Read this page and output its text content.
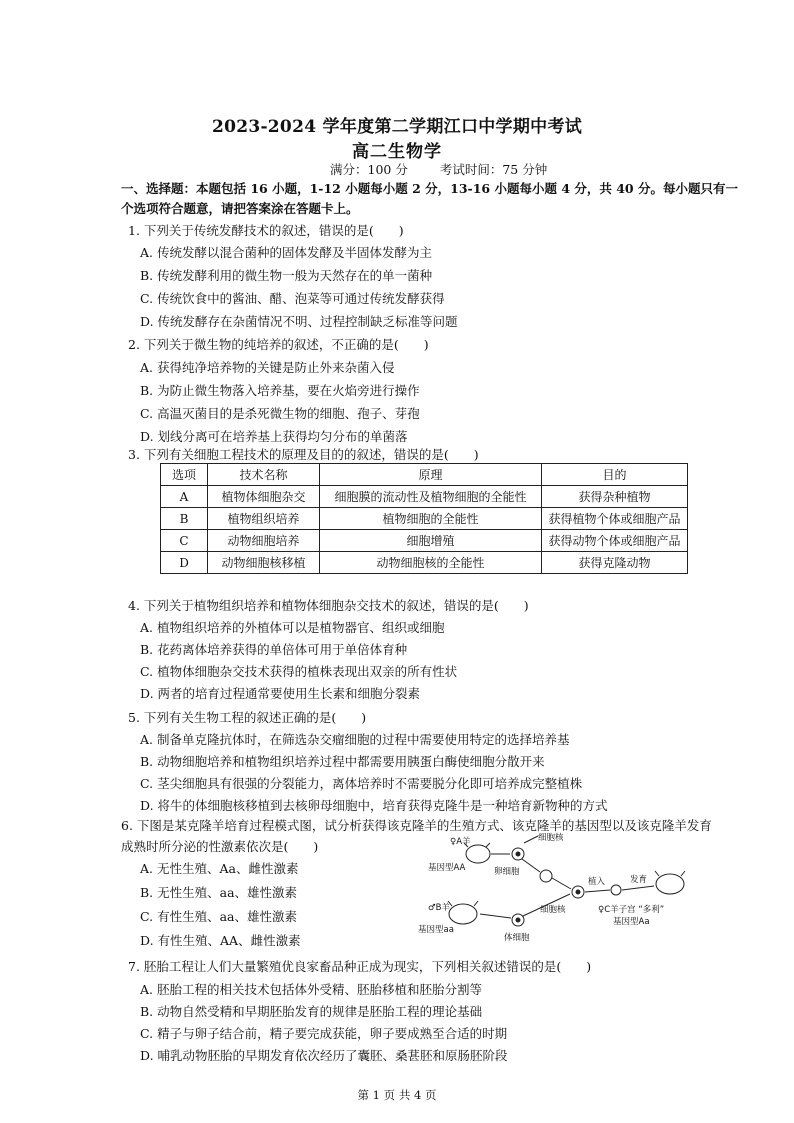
2023-2024 学年度第二学期江口中学期中考试
高二生物学
满分：100 分	考试时间：75 分钟
一、选择题：本题包括 16 小题，1-12 小题每小题 2 分，13-16 小题每小题 4 分，共 40 分。每小题只有一个选项符合题意，请把答案涂在答题卡上。
1. 下列关于传统发酵技术的叙述，错误的是(　　)
A. 传统发酵以混合菌种的固体发酵及半固体发酵为主
B. 传统发酵利用的微生物一般为天然存在的单一菌种
C. 传统饮食中的酱油、醋、泡菜等可通过传统发酵获得
D. 传统发酵存在杂菌情况不明、过程控制缺乏标准等问题
2. 下列关于微生物的纯培养的叙述，不正确的是(　　)
A. 获得纯净培养物的关键是防止外来杂菌入侵
B. 为防止微生物落入培养基，要在火焰旁进行操作
C. 高温灭菌目的是杀死微生物的细胞、孢子、芽孢
D. 划线分离可在培养基上获得均匀分布的单菌落
3. 下列有关细胞工程技术的原理及目的的叙述，错误的是(　　)
选项	技术名称	原理	目的
A	植物体细胞杂交	细胞膜的流动性及植物细胞的全能性	获得杂种植物
B	植物组织培养	植物细胞的全能性	获得植物个体或细胞产品
C	动物细胞培养	细胞增殖	获得动物个体或细胞产品
D	动物细胞核移植	动物细胞核的全能性	获得克隆动物
4. 下列关于植物组织培养和植物体细胞杂交技术的叙述，错误的是(　　)
A. 植物组织培养的外植体可以是植物器官、组织或细胞
B. 花药离体培养获得的单倍体可用于单倍体育种
C. 植物体细胞杂交技术获得的植株表现出双亲的所有性状
D. 两者的培育过程通常要使用生长素和细胞分裂素
5. 下列有关生物工程的叙述正确的是(　　)
A. 制备单克隆抗体时，在筛选杂交瘤细胞的过程中需要使用特定的选择培养基
B. 动物细胞培养和植物组织培养过程中都需要用胰蛋白酶使细胞分散开来
C. 茎尖细胞具有很强的分裂能力，离体培养时不需要脱分化即可培养成完整植株
D. 将牛的体细胞核移植到去核卵母细胞中，培育获得克隆牛是一种培育新物种的方式
6. 下图是某克隆羊培育过程模式图，试分析获得该克隆羊的生殖方式、该克隆羊的基因型以及该克隆羊发育成熟时所分泌的性激素依次是(　　)
A. 无性生殖、Aa、雌性激素
B. 无性生殖、aa、雄性激素
C. 有性生殖、aa、雄性激素
D. 有性生殖、AA、雌性激素
♀A羊
基因型AA	卵细胞
细胞核
♂B羊
基因型aa
体细胞
细胞核
植入	发育
♀C羊子宫 “多利”
基因型Aa
7. 胚胎工程让人们大量繁殖优良家畜品种正成为现实，下列相关叙述错误的是(　　)
A. 胚胎工程的相关技术包括体外受精、胚胎移植和胚胎分割等
B. 动物自然受精和早期胚胎发育的规律是胚胎工程的理论基础
C. 精子与卵子结合前，精子要完成获能，卵子要成熟至合适的时期
D. 哺乳动物胚胎的早期发育依次经历了囊胚、桑葚胚和原肠胚阶段
第 1 页 共 4 页
